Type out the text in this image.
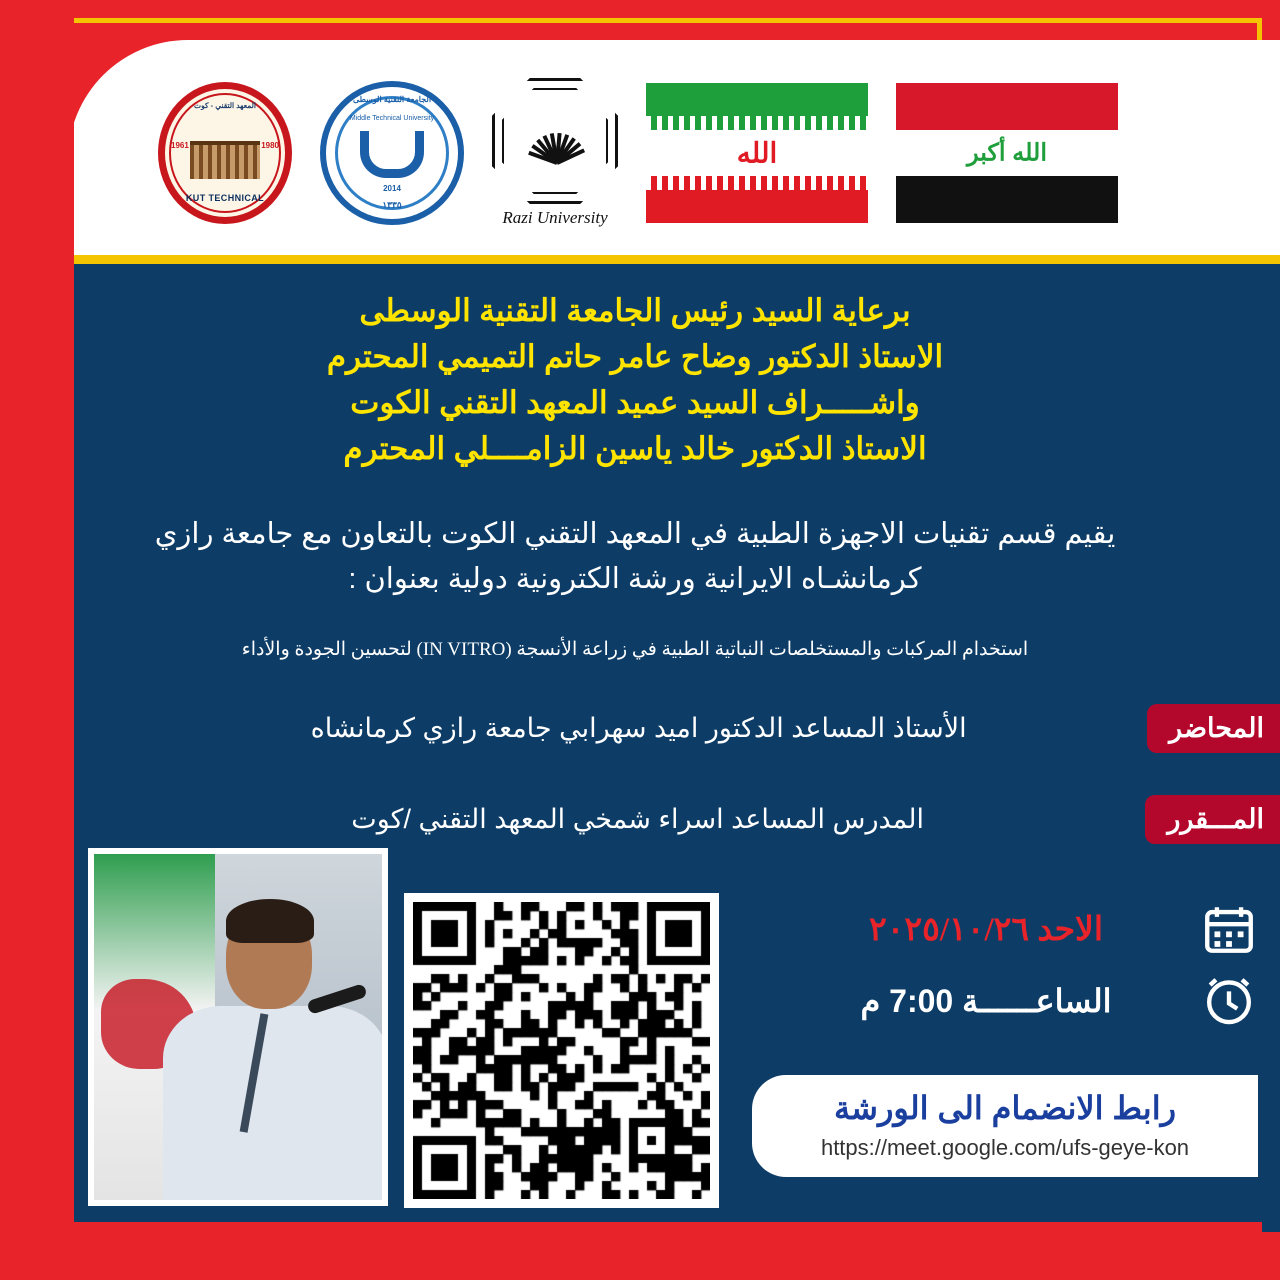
المعهد التقني - كوت
1961	1980
KUT TECHNICAL
الجامعة التقنية الوسطى
Middle Technical University
2014
١٣٣٥
Razi University
الله	الله أكبر
برعاية السيد رئيس الجامعة التقنية الوسطى
الاستاذ الدكتور وضاح عامر حاتم التميمي المحترم
واشـــــراف السيد عميد المعهد التقني الكوت
الاستاذ الدكتور خالد ياسين الزامــــلي المحترم
يقيم قسم تقنيات الاجهزة الطبية في المعهد التقني الكوت بالتعاون مع جامعة رازي كرمانشـاه الايرانية ورشة الكترونية دولية بعنوان :
استخدام المركبات والمستخلصات النباتية الطبية في زراعة الأنسجة (IN VITRO) لتحسين الجودة والأداء
المحاضر
الأستاذ المساعد الدكتور اميد سهرابي جامعة رازي كرمانشاه
المـــقرر
المدرس المساعد اسراء شمخي المعهد التقني /كوت
الاحد ٢٠٢٥/١٠/٢٦
الساعــــــة 7:00 م
رابط الانضمام الى الورشة
https://meet.google.com/ufs-geye-kon
